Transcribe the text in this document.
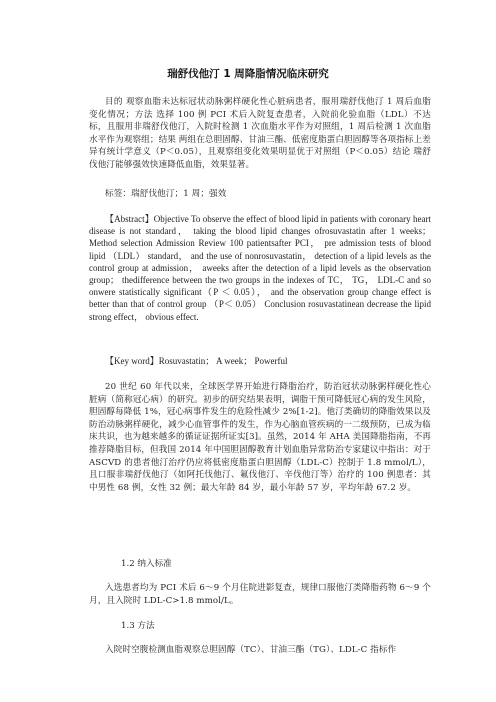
瑞舒伐他汀 1 周降脂情况临床研究

目的 观察血脂未达标冠状动脉粥样硬化性心脏病患者，服用瑞舒伐他汀 1 周后血脂变化情况；方法 选择 100 例 PCI 术后入院复查患者，入院前化验血脂（LDL）不达标，且服用非瑞舒伐他汀，入院时检测 1 次血脂水平作为对照组，1 周后检测 1 次血脂水平作为观察组；结果 两组在总胆固醇、甘油三酯、低密度脂蛋白胆固醇等各项指标上差异有统计学意义（P＜0.05），且观察组变化效果明显优于对照组（P＜0.05）结论 瑞舒伐他汀能够强效快速降低血脂，效果显著。

标签：瑞舒伐他汀；1 周；强效

【Abstract】Objective To observe the effect of blood lipid in patients with coronary heart disease is not standard， taking the blood lipid changes ofrosuvastatin after 1 weeks； Method selection Admission Review 100 patientsafter PCI， pre admission tests of blood lipid （LDL） standard， and the use of nonrosuvastatin， detection of a lipid levels as the control group at admission， aweeks after the detection of a lipid levels as the observation group； thedifference between the two groups in the indexes of TC， TG， LDL-C and so onwere statistically significant（P ＜ 0.05）， and the observation group change effect is better than that of control group （P＜ 0.05） Conclusion rosuvastatinean decrease the lipid strong effect， obvious effect.

【Key word】Rosuvastatin； A week； Powerful

20 世纪 60 年代以来，全球医学界开始进行降脂治疗，防治冠状动脉粥样硬化性心脏病（简称冠心病）的研究。初步的研究结果表明，调脂干预可降低冠心病的发生风险，胆固醇每降低 1%，冠心病事件发生的危险性减少 2%[1-2]。他汀类确切的降脂效果以及防治动脉粥样硬化，减少心血管事件的发生，作为心脑血管疾病的一二级预防，已成为临床共识，也为越来越多的循证证据所证实[3]。虽然，2014 年 AHA 美国降脂指南，不再推荐降脂目标，但我国 2014 年中国胆固醇教育计划血脂异常防治专家建议中指出：对于 ASCVD 的患者他汀治疗仍应将低密度脂蛋白胆固醇（LDL-C）控制于 1.8 mmol/L），且口服非瑞舒伐他汀（如阿托伐他汀、氟伐他汀、辛伐他汀等）治疗的 100 例患者：其中男性 68 例，女性 32 例；最大年龄 84 岁，最小年龄 57 岁，平均年龄 67.2 岁。

1.2 纳入标准

入选患者均为 PCI 术后 6～9 个月住院进影复查，规律口服他汀类降脂药物 6～9 个月，且入院时 LDL-C>1.8 mmol/L。

1.3 方法

入院时空腹检测血脂观察总胆固醇（TC）、甘油三酯（TG）、LDL-C 指标作
